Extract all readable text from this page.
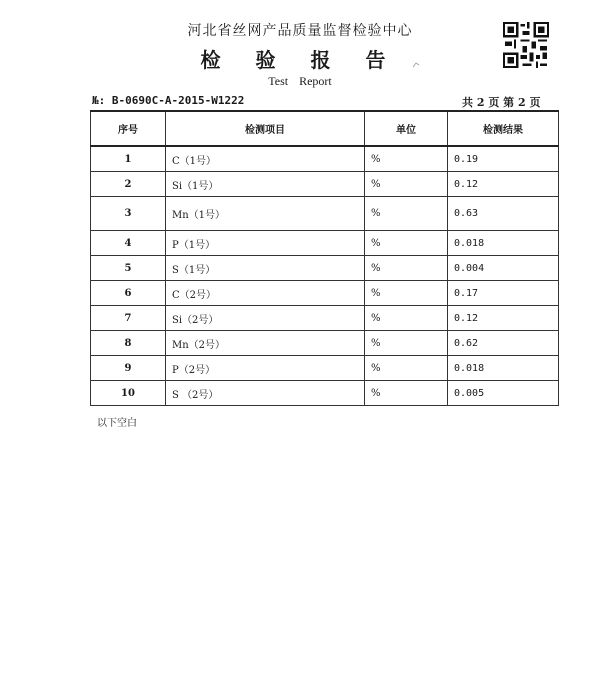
河北省丝网产品质量监督检验中心
检 验 报 告
Test Report
№: B-0690C-A-2015-W1222	共 2 页 第 2 页
序号	检测项目	单位	检测结果
1	C（1号）	%	0.19
2	Si（1号）	%	0.12
3	Mn（1号）	%	0.63
4	P（1号）	%	0.018
5	S（1号）	%	0.004
6	C（2号）	%	0.17
7	Si（2号）	%	0.12
8	Mn（2号）	%	0.62
9	P（2号）	%	0.018
10	S （2号）	%	0.005
以下空白
